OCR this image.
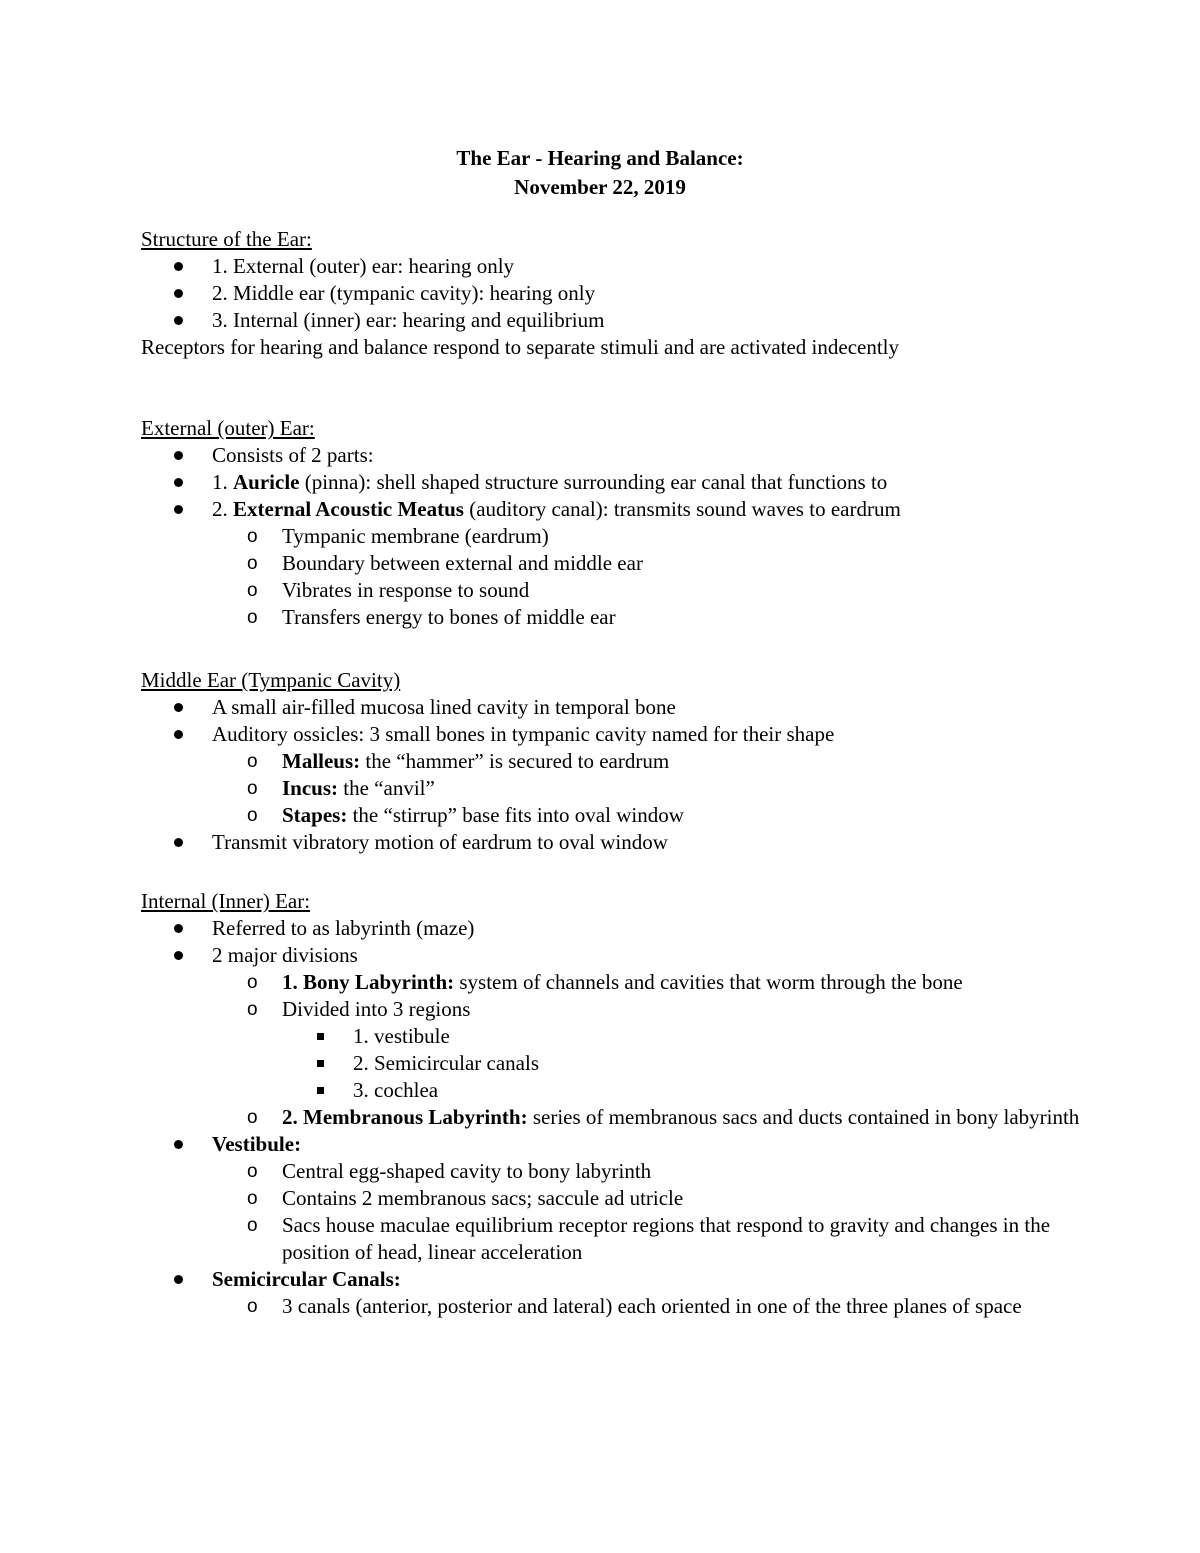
The Ear - Hearing and Balance:
November 22, 2019
Structure of the Ear:
1. External (outer) ear: hearing only
2. Middle ear (tympanic cavity): hearing only
3. Internal (inner) ear: hearing and equilibrium
Receptors for hearing and balance respond to separate stimuli and are activated indecently
External (outer) Ear:
Consists of 2 parts:
1. Auricle (pinna): shell shaped structure surrounding ear canal that functions to
2. External Acoustic Meatus (auditory canal): transmits sound waves to eardrum
o Tympanic membrane (eardrum)
o Boundary between external and middle ear
o Vibrates in response to sound
o Transfers energy to bones of middle ear
Middle Ear (Tympanic Cavity)
A small air-filled mucosa lined cavity in temporal bone
Auditory ossicles: 3 small bones in tympanic cavity named for their shape
o Malleus: the “hammer” is secured to eardrum
o Incus: the “anvil”
o Stapes: the “stirrup” base fits into oval window
Transmit vibratory motion of eardrum to oval window
Internal (Inner) Ear:
Referred to as labyrinth (maze)
2 major divisions
o 1. Bony Labyrinth: system of channels and cavities that worm through the bone
o Divided into 3 regions
1. vestibule
2. Semicircular canals
3. cochlea
o 2. Membranous Labyrinth: series of membranous sacs and ducts contained in bony labyrinth
Vestibule:
o Central egg-shaped cavity to bony labyrinth
o Contains 2 membranous sacs; saccule ad utricle
o Sacs house maculae equilibrium receptor regions that respond to gravity and changes in the position of head, linear acceleration
Semicircular Canals:
o 3 canals (anterior, posterior and lateral) each oriented in one of the three planes of space
